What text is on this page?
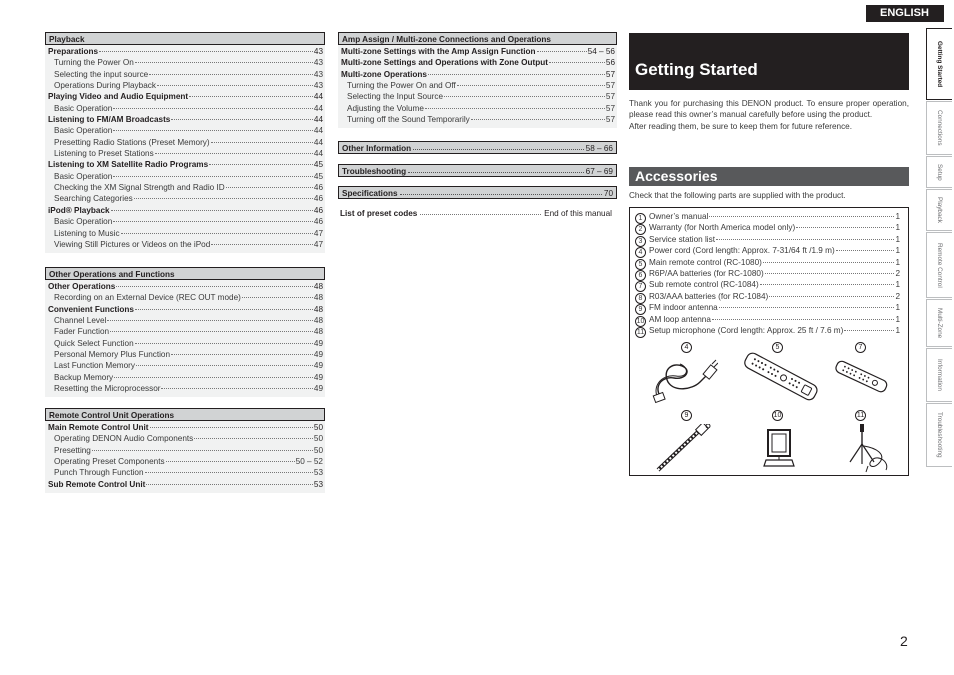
Playback
Preparations	43
Turning the Power On	43
Selecting the input source	43
Operations During Playback	43
Playing Video and Audio Equipment	44
Basic Operation	44
Listening to FM/AM Broadcasts	44
Basic Operation	44
Presetting Radio Stations (Preset Memory)	44
Listening to Preset Stations	44
Listening to XM Satellite Radio Programs	45
Basic Operation	45
Checking the XM Signal Strength and Radio ID	46
Searching Categories	46
iPod® Playback	46
Basic Operation	46
Listening to Music	47
Viewing Still Pictures or Videos on the iPod	47
Other Operations and Functions
Other Operations	48
Recording on an External Device (REC OUT mode)	48
Convenient Functions	48
Channel Level	48
Fader Function	48
Quick Select Function	49
Personal Memory Plus Function	49
Last Function Memory	49
Backup Memory	49
Resetting the Microprocessor	49
Remote Control Unit Operations
Main Remote Control Unit	50
Operating DENON Audio Components	50
Presetting	50
Operating Preset Components	50 – 52
Punch Through Function	53
Sub Remote Control Unit	53
Amp Assign / Multi-zone Connections and Operations
Multi-zone Settings with the Amp Assign Function	54 – 56
Multi-zone Settings and Operations with Zone Output	56
Multi-zone Operations	57
Turning the Power On and Off	57
Selecting the Input Source	57
Adjusting the Volume	57
Turning off the Sound Temporarily	57
Other Information	58 – 66
Troubleshooting	67 – 69
Specifications	70
List of preset codes	End of this manual
ENGLISH
Getting Started
Connections
Setup
Playback
Remote Control
Multi-Zone
Information
Troubleshooting
Getting Started

Thank you for purchasing this DENON product. To ensure proper operation, please read this owner’s manual carefully before using the product.

After reading them, be sure to keep them for future reference.

Accessories
Check that the following parts are supplied with the product.
1 Owner’s manual	1
2 Warranty (for North America model only)	1
3 Service station list	1
4 Power cord (Cord length: Approx. 7-31/64 ft /1.9 m)	1
5 Main remote control (RC-1080)	1
6 R6P/AA batteries (for RC-1080)	2
7 Sub remote control (RC-1084)	1
8 R03/AAA batteries (for RC-1084)	2
9 FM indoor antenna	1
10 AM loop antenna	1
11 Setup microphone (Cord length: Approx. 25 ft / 7.6 m)	1
4	5	7
9	10	11
2
